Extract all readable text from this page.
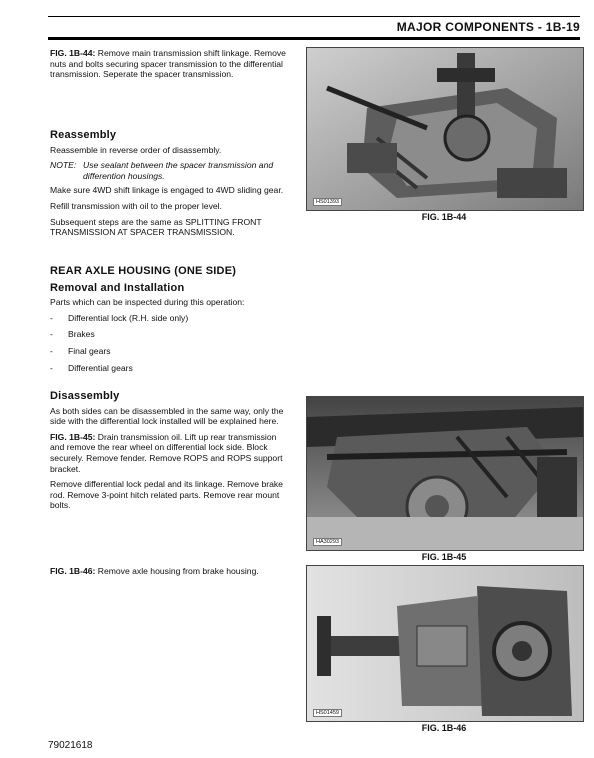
MAJOR COMPONENTS - 1B-19

FIG. 1B-44: Remove main transmission shift linkage. Remove nuts and bolts securing spacer transmission to the differential transmission. Seperate the spacer transmission.

Reassembly

Reassemble in reverse order of disassembly.

NOTE: Use sealant between the spacer transmission and differention housings.

Make sure 4WD shift linkage is engaged to 4WD sliding gear.

Refill transmission with oil to the proper level.

Subsequent steps are the same as SPLITTING FRONT TRANSMISSION AT SPACER TRANSMISSION.

REAR AXLE HOUSING (ONE SIDE)
Removal and Installation

Parts which can be inspected during this operation:

-	Differential lock (R.H. side only)
-	Brakes
-	Final gears
-	Differential gears
Disassembly

As both sides can be disassembled in the same way, only the side with the differential lock installed will be explained here.

FIG. 1B-45: Drain transmission oil. Lift up rear transmission and remove the rear wheel on differential lock side. Block securely. Remove fender. Remove ROPS and ROPS support bracket.

Remove differential lock pedal and its linkage. Remove brake rod. Remove 3-point hitch related parts. Remove rear mount bolts.

FIG. 1B-46: Remove axle housing from brake housing.

HS01393
FIG. 1B-44
HA30293
FIG. 1B-45
HS01459
FIG. 1B-46
79021618
